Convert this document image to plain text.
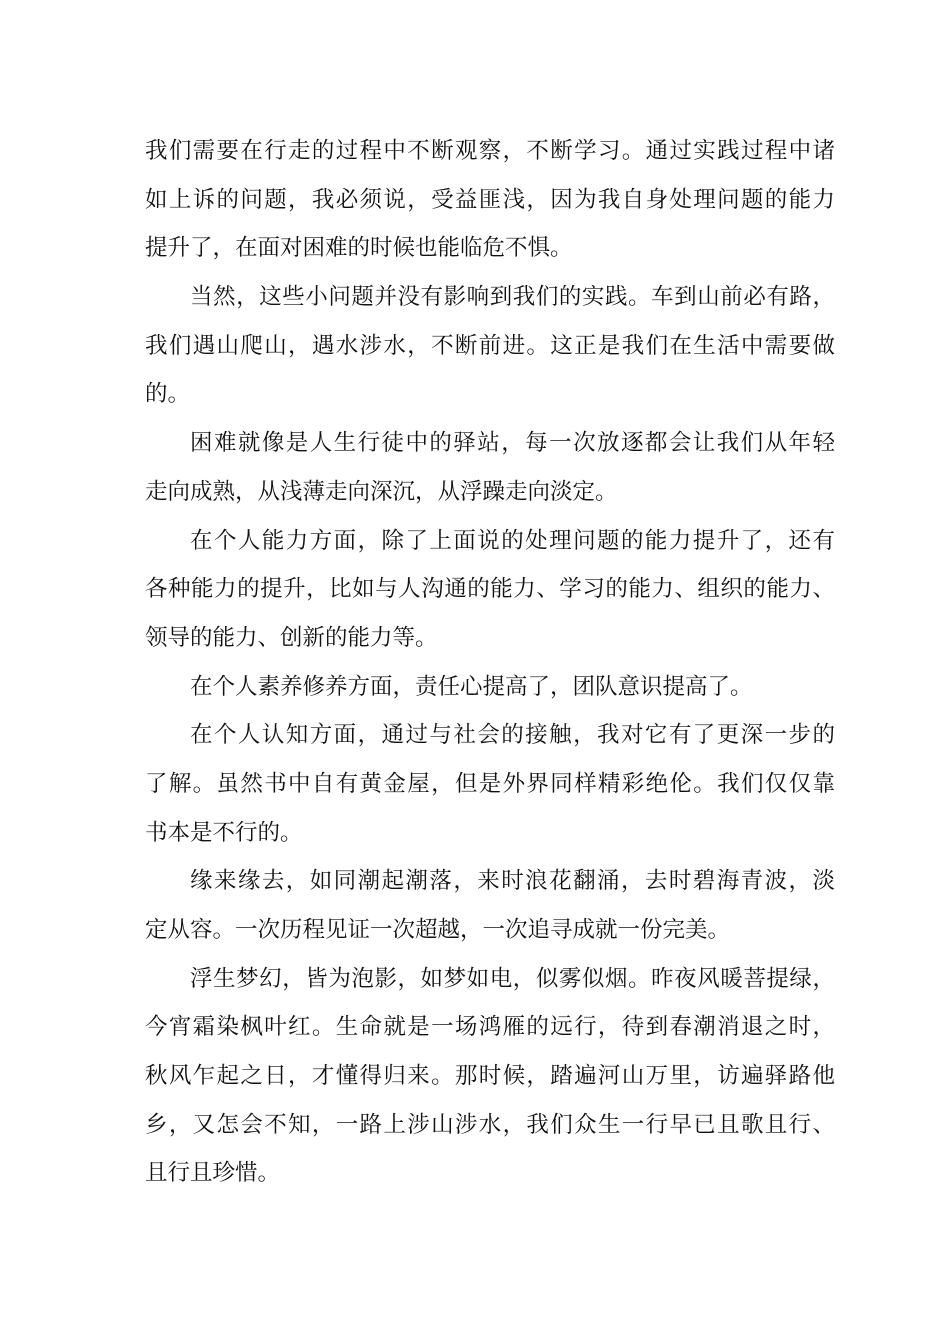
我们需要在行走的过程中不断观察，不断学习。通过实践过程中诸
如上诉的问题，我必须说，受益匪浅，因为我自身处理问题的能力
提升了，在面对困难的时候也能临危不惧。
当然，这些小问题并没有影响到我们的实践。车到山前必有路，
我们遇山爬山，遇水涉水，不断前进。这正是我们在生活中需要做
的。
困难就像是人生行徒中的驿站，每一次放逐都会让我们从年轻
走向成熟，从浅薄走向深沉，从浮躁走向淡定。
在个人能力方面，除了上面说的处理问题的能力提升了，还有
各种能力的提升，比如与人沟通的能力、学习的能力、组织的能力、
领导的能力、创新的能力等。
在个人素养修养方面，责任心提高了，团队意识提高了。
在个人认知方面，通过与社会的接触，我对它有了更深一步的
了解。虽然书中自有黄金屋，但是外界同样精彩绝伦。我们仅仅靠
书本是不行的。
缘来缘去，如同潮起潮落，来时浪花翻涌，去时碧海青波，淡
定从容。一次历程见证一次超越，一次追寻成就一份完美。
浮生梦幻，皆为泡影，如梦如电，似雾似烟。昨夜风暖菩提绿，
今宵霜染枫叶红。生命就是一场鸿雁的远行，待到春潮消退之时，
秋风乍起之日，才懂得归来。那时候，踏遍河山万里，访遍驿路他
乡，又怎会不知，一路上涉山涉水，我们众生一行早已且歌且行、
且行且珍惜。
